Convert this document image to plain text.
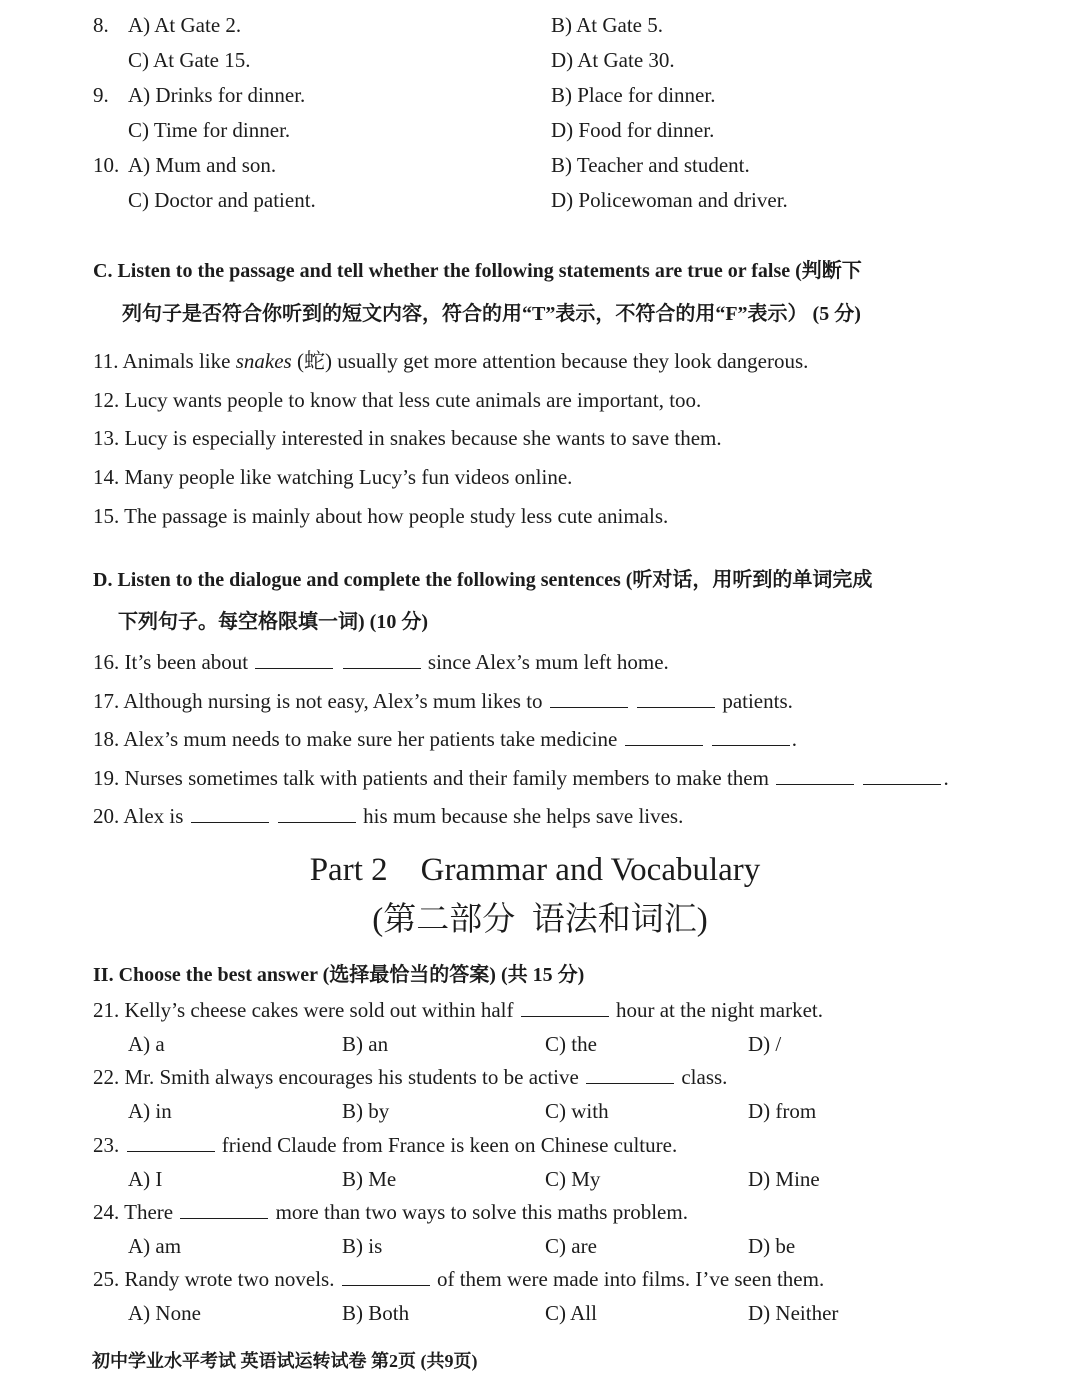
8. A) At Gate 2.	B) At Gate 5.
C) At Gate 15.	D) At Gate 30.
9. A) Drinks for dinner.	B) Place for dinner.
C) Time for dinner.	D) Food for dinner.
10. A) Mum and son.	B) Teacher and student.
C) Doctor and patient.	D) Policewoman and driver.
C. Listen to the passage and tell whether the following statements are true or false (判断下
列句子是否符合你听到的短文内容，符合的用“T”表示，不符合的用“F”表示） (5 分)
11. Animals like snakes (蛇) usually get more attention because they look dangerous.
12. Lucy wants people to know that less cute animals are important, too.
13. Lucy is especially interested in snakes because she wants to save them.
14. Many people like watching Lucy’s fun videos online.
15. The passage is mainly about how people study less cute animals.
D. Listen to the dialogue and complete the following sentences (听对话，用听到的单词完成
下列句子。每空格限填一词) (10 分)
16. It’s been about	since Alex’s mum left home.
17. Although nursing is not easy, Alex’s mum likes to	patients.
18. Alex’s mum needs to make sure her patients take medicine	.
19. Nurses sometimes talk with patients and their family members to make them	.
20. Alex is	his mum because she helps save lives.
Part 2    Grammar and Vocabulary
(第二部分  语法和词汇)
II. Choose the best answer (选择最恰当的答案) (共 15 分)
21. Kelly’s cheese cakes were sold out within half	hour at the night market.
A) a	B) an	C) the	D) /
22. Mr. Smith always encourages his students to be active	class.
A) in	B) by	C) with	D) from
23.	friend Claude from France is keen on Chinese culture.
A) I	B) Me	C) My	D) Mine
24. There	more than two ways to solve this maths problem.
A) am	B) is	C) are	D) be
25. Randy wrote two novels.	of them were made into films. I’ve seen them.
A) None	B) Both	C) All	D) Neither
初中学业水平考试 英语试运转试卷 第2页 (共9页)
